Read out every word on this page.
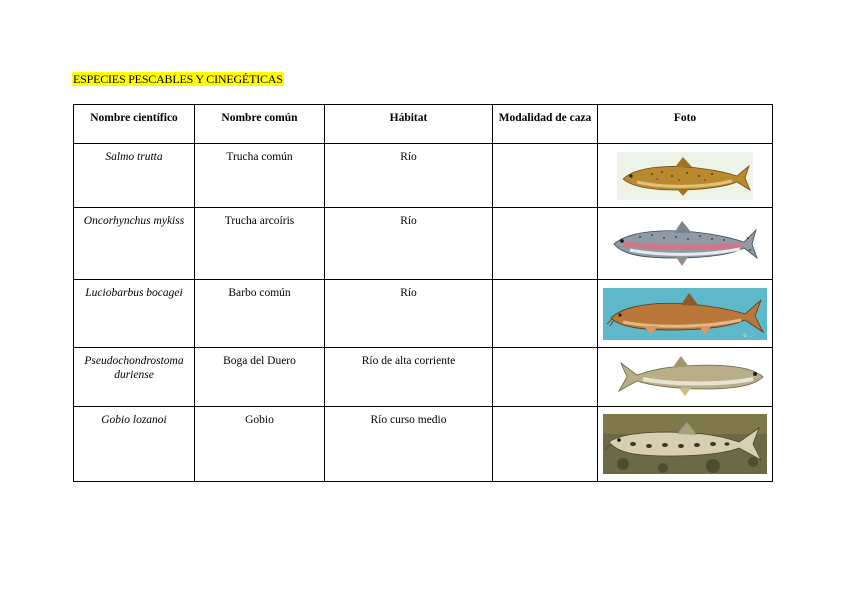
ESPECIES PESCABLES Y CINEGÉTICAS
Nombre científico	Nombre común	Hábitat	Modalidad de caza	Foto
Salmo trutta	Trucha común	Río		

Oncorhynchus mykiss	Trucha arcoíris	Río		

Luciobarbus bocagei	Barbo común	Río		© ...

Pseudochondrostoma duriense	Boga del Duero	Río de alta corriente		

Gobio lozanoi	Gobio	Río curso medio		
